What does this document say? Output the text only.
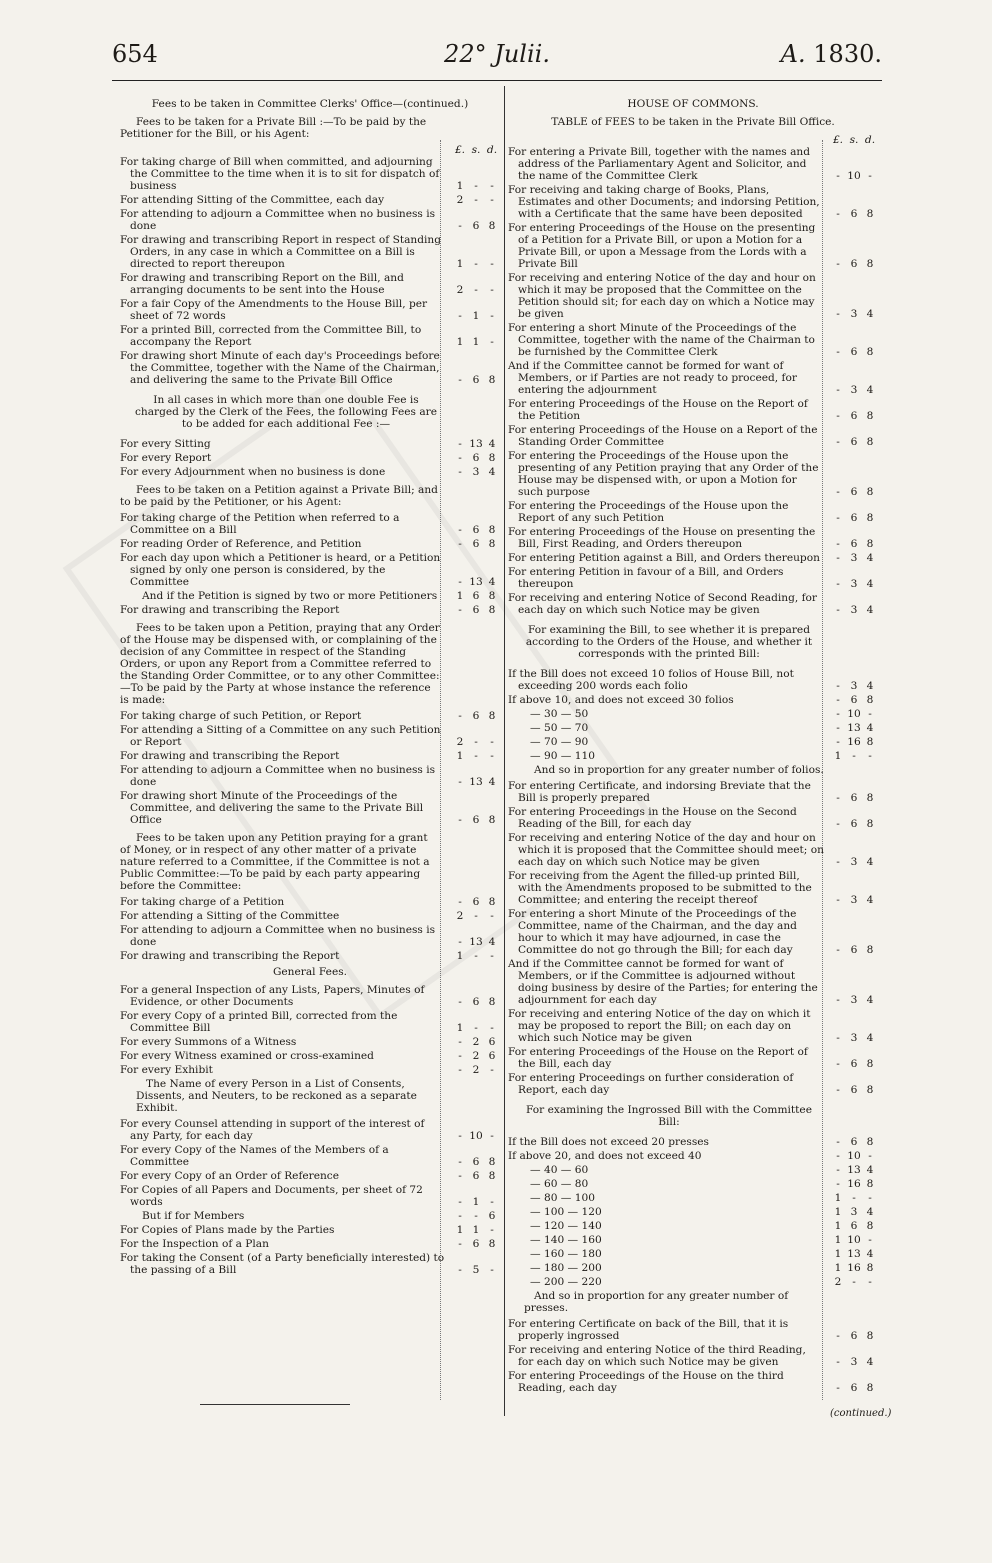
654	22° Julii.	A. 1830.
Fees to be taken in Committee Clerks' Office—(continued.)
Fees to be taken for a Private Bill :—To be paid by the Petitioner for the Bill, or his Agent:
£. s. d.
For taking charge of Bill when committed, and adjourning the Committee to the time when it is to sit for dispatch of business	1	-	-
For attending Sitting of the Committee, each day	2	-	-
For attending to adjourn a Committee when no business is done	-	6 8
For drawing and transcribing Report in respect of Standing Orders, in any case in which a Committee on a Bill is directed to report thereupon	1	-	-
For drawing and transcribing Report on the Bill, and arranging documents to be sent into the House	2	-	-
For a fair Copy of the Amendments to the House Bill, per sheet of 72 words	-	1	-
For a printed Bill, corrected from the Committee Bill, to accompany the Report	1 1	-
For drawing short Minute of each day's Proceedings before the Committee, together with the Name of the Chairman, and delivering the same to the Private Bill Office	-	6 8
In all cases in which more than one double Fee is charged by the Clerk of the Fees, the following Fees are to be added for each additional Fee :—
For every Sitting	- 13 4
For every Report	-	6 8
For every Adjournment when no business is done	-	3 4
Fees to be taken on a Petition against a Private Bill; and to be paid by the Petitioner, or his Agent:
For taking charge of the Petition when referred to a Committee on a Bill	-	6 8
For reading Order of Reference, and Petition	-	6 8
For each day upon which a Petitioner is heard, or a Petition signed by only one person is considered, by the Committee	- 13 4
And if the Petition is signed by two or more Petitioners	1 6 8
For drawing and transcribing the Report	-	6 8
Fees to be taken upon a Petition, praying that any Order of the House may be dispensed with, or complaining of the decision of any Committee in respect of the Standing Orders, or upon any Report from a Committee referred to the Standing Order Committee, or to any other Committee:—To be paid by the Party at whose instance the reference is made:
For taking charge of such Petition, or Report	-	6 8
For attending a Sitting of a Committee on any such Petition or Report	2	-	-
For drawing and transcribing the Report	1	-	-
For attending to adjourn a Committee when no business is done	- 13 4
For drawing short Minute of the Proceedings of the Committee, and delivering the same to the Private Bill Office	-	6 8
Fees to be taken upon any Petition praying for a grant of Money, or in respect of any other matter of a private nature referred to a Committee, if the Committee is not a Public Committee:—To be paid by each party appearing before the Committee:
For taking charge of a Petition	-	6 8
For attending a Sitting of the Committee	2	-	-
For attending to adjourn a Committee when no business is done	- 13 4
For drawing and transcribing the Report	1	-	-
General Fees.
For a general Inspection of any Lists, Papers, Minutes of Evidence, or other Documents	-	6 8
For every Copy of a printed Bill, corrected from the Committee Bill	1	-	-
For every Summons of a Witness	-	2 6
For every Witness examined or cross-examined	-	2 6
For every Exhibit	-	2	-
The Name of every Person in a List of Consents, Dissents, and Neuters, to be reckoned as a separate Exhibit.
For every Counsel attending in support of the interest of any Party, for each day	- 10 -
For every Copy of the Names of the Members of a Committee	-	6 8
For every Copy of an Order of Reference	-	6 8
For Copies of all Papers and Documents, per sheet of 72 words	-	1	-
But if for Members	-	-	6
For Copies of Plans made by the Parties	1 1	-
For the Inspection of a Plan	-	6 8
For taking the Consent (of a Party beneficially interested) to the passing of a Bill	-	5	-
HOUSE OF COMMONS.
TABLE of FEES to be taken in the Private Bill Office.
£. s. d.
For entering a Private Bill, together with the names and address of the Parliamentary Agent and Solicitor, and the name of the Committee Clerk	- 10 -
For receiving and taking charge of Books, Plans, Estimates and other Documents; and indorsing Petition, with a Certificate that the same have been deposited	-	6 8
For entering Proceedings of the House on the presenting of a Petition for a Private Bill, or upon a Motion for a Private Bill, or upon a Message from the Lords with a Private Bill	-	6 8
For receiving and entering Notice of the day and hour on which it may be proposed that the Committee on the Petition should sit; for each day on which a Notice may be given	-	3 4
For entering a short Minute of the Proceedings of the Committee, together with the name of the Chairman to be furnished by the Committee Clerk	-	6 8
And if the Committee cannot be formed for want of Members, or if Parties are not ready to proceed, for entering the adjournment	-	3 4
For entering Proceedings of the House on the Report of the Petition	-	6 8
For entering Proceedings of the House on a Report of the Standing Order Committee	-	6 8
For entering the Proceedings of the House upon the presenting of any Petition praying that any Order of the House may be dispensed with, or upon a Motion for such purpose	-	6 8
For entering the Proceedings of the House upon the Report of any such Petition	-	6 8
For entering Proceedings of the House on presenting the Bill, First Reading, and Orders thereupon	-	6 8
For entering Petition against a Bill, and Orders thereupon	-	3 4
For entering Petition in favour of a Bill, and Orders thereupon	-	3 4
For receiving and entering Notice of Second Reading, for each day on which such Notice may be given	-	3 4
For examining the Bill, to see whether it is prepared according to the Orders of the House, and whether it corresponds with the printed Bill:
If the Bill does not exceed 10 folios of House Bill, not exceeding 200 words each folio	-	3 4
If above 10, and does not exceed 30 folios	-	6 8
— 30 — 50	- 10 -
— 50 — 70	- 13 4
— 70 — 90	- 16 8
— 90 — 110	1	-	-
And so in proportion for any greater number of folios.
For entering Certificate, and indorsing Breviate that the Bill is properly prepared	-	6 8
For entering Proceedings in the House on the Second Reading of the Bill, for each day	-	6 8
For receiving and entering Notice of the day and hour on which it is proposed that the Committee should meet; on each day on which such Notice may be given	-	3 4
For receiving from the Agent the filled-up printed Bill, with the Amendments proposed to be submitted to the Committee; and entering the receipt thereof	-	3 4
For entering a short Minute of the Proceedings of the Committee, name of the Chairman, and the day and hour to which it may have adjourned, in case the Committee do not go through the Bill; for each day	-	6 8
And if the Committee cannot be formed for want of Members, or if the Committee is adjourned without doing business by desire of the Parties; for entering the adjournment for each day	-	3 4
For receiving and entering Notice of the day on which it may be proposed to report the Bill; on each day on which such Notice may be given	-	3 4
For entering Proceedings of the House on the Report of the Bill, each day	-	6 8
For entering Proceedings on further consideration of Report, each day	-	6 8
For examining the Ingrossed Bill with the Committee Bill:
If the Bill does not exceed 20 presses	-	6 8
If above 20, and does not exceed 40	- 10 -
— 40 — 60	- 13 4
— 60 — 80	- 16 8
— 80 — 100	1	-	-
— 100 — 120	1 3 4
— 120 — 140	1 6 8
— 140 — 160	1 10 -
— 160 — 180	1 13 4
— 180 — 200	1 16 8
— 200 — 220	2	-	-
And so in proportion for any greater number of presses.
For entering Certificate on back of the Bill, that it is properly ingrossed	-	6 8
For receiving and entering Notice of the third Reading, for each day on which such Notice may be given	-	3 4
For entering Proceedings of the House on the third Reading, each day	-	6 8
(continued.)
